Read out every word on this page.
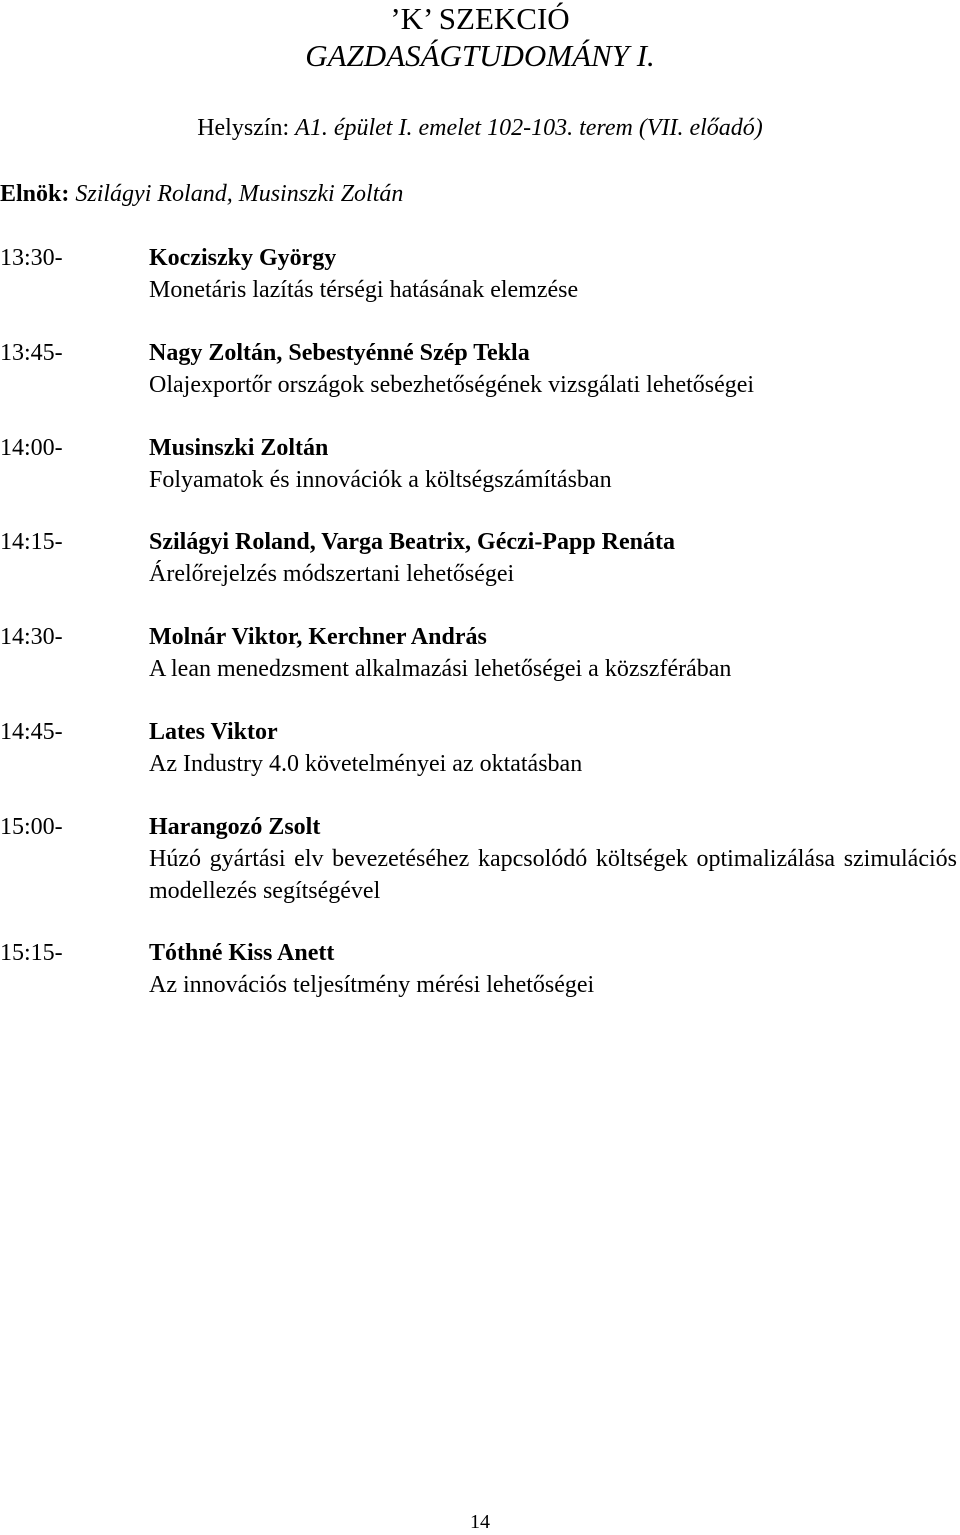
’K’ SZEKCIÓ
GAZDASÁGTUDOMÁNY I.
Helyszín: A1. épület I. emelet 102-103. terem (VII. előadó)
Elnök: Szilágyi Roland, Musinszki Zoltán
13:30-	Kocziszky György
Monetáris lazítás térségi hatásának elemzése
13:45-	Nagy Zoltán, Sebestyénné Szép Tekla
Olajexportőr országok sebezhetőségének vizsgálati lehetőségei
14:00-	Musinszki Zoltán
Folyamatok és innovációk a költségszámításban
14:15-	Szilágyi Roland, Varga Beatrix, Géczi-Papp Renáta
Árelőrejelzés módszertani lehetőségei
14:30-	Molnár Viktor, Kerchner András
A lean menedzsment alkalmazási lehetőségei a közszférában
14:45-	Lates Viktor
Az Industry 4.0 követelményei az oktatásban
15:00-	Harangozó Zsolt
Húzó gyártási elv bevezetéséhez kapcsolódó költségek optimalizálása szimulációs modellezés segítségével
15:15-	Tóthné Kiss Anett
Az innovációs teljesítmény mérési lehetőségei
14
